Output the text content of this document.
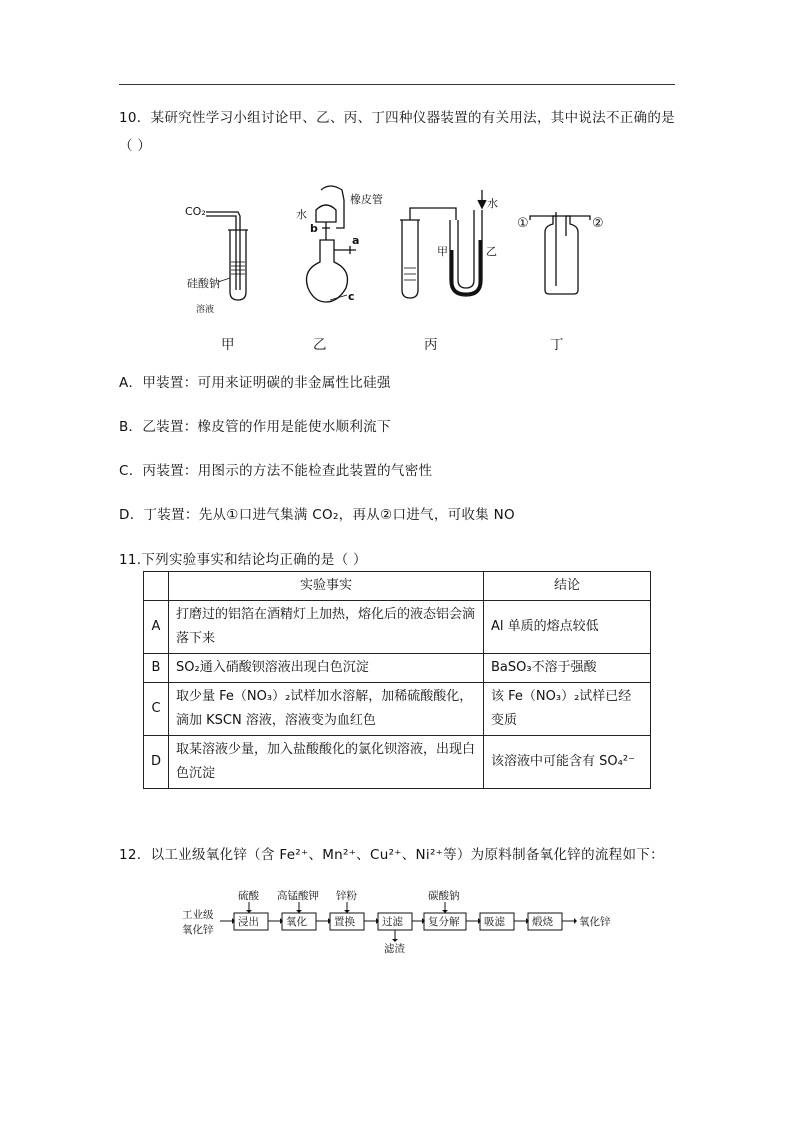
10．某研究性学习小组讨论甲、乙、丙、丁四种仪器装置的有关用法，其中说法不正确的是
（ ）
CO₂
硅酸钠
溶液
橡皮管
水
b
a
c
甲	乙
水
①	②
甲	乙	丙	丁
A．甲装置：可用来证明碳的非金属性比硅强
B．乙装置：橡皮管的作用是能使水顺利流下
C．丙装置：用图示的方法不能检查此装置的气密性
D．丁装置：先从①口进气集满 CO₂，再从②口进气，可收集 NO
11.下列实验事实和结论均正确的是（ ）
	实验事实	结论
A	打磨过的铝箔在酒精灯上加热，熔化后的液态铝会滴落下来	Al 单质的熔点较低
B	SO₂通入硝酸钡溶液出现白色沉淀	BaSO₃不溶于强酸
C	取少量 Fe（NO₃）₂试样加水溶解，加稀硫酸酸化，滴加 KSCN 溶液，溶液变为血红色	该 Fe（NO₃）₂试样已经变质
D	取某溶液少量，加入盐酸酸化的氯化钡溶液，出现白色沉淀	该溶液中可能含有 SO₄²⁻
12．以工业级氧化锌（含 Fe²⁺、Mn²⁺、Cu²⁺、Ni²⁺等）为原料制备氧化锌的流程如下：
工业级
氧化锌
浸出	氧化	置换	过滤 复分解 吸滤	煅烧
硫酸 高锰酸钾 锌粉	碳酸钠
滤渣
氧化锌
